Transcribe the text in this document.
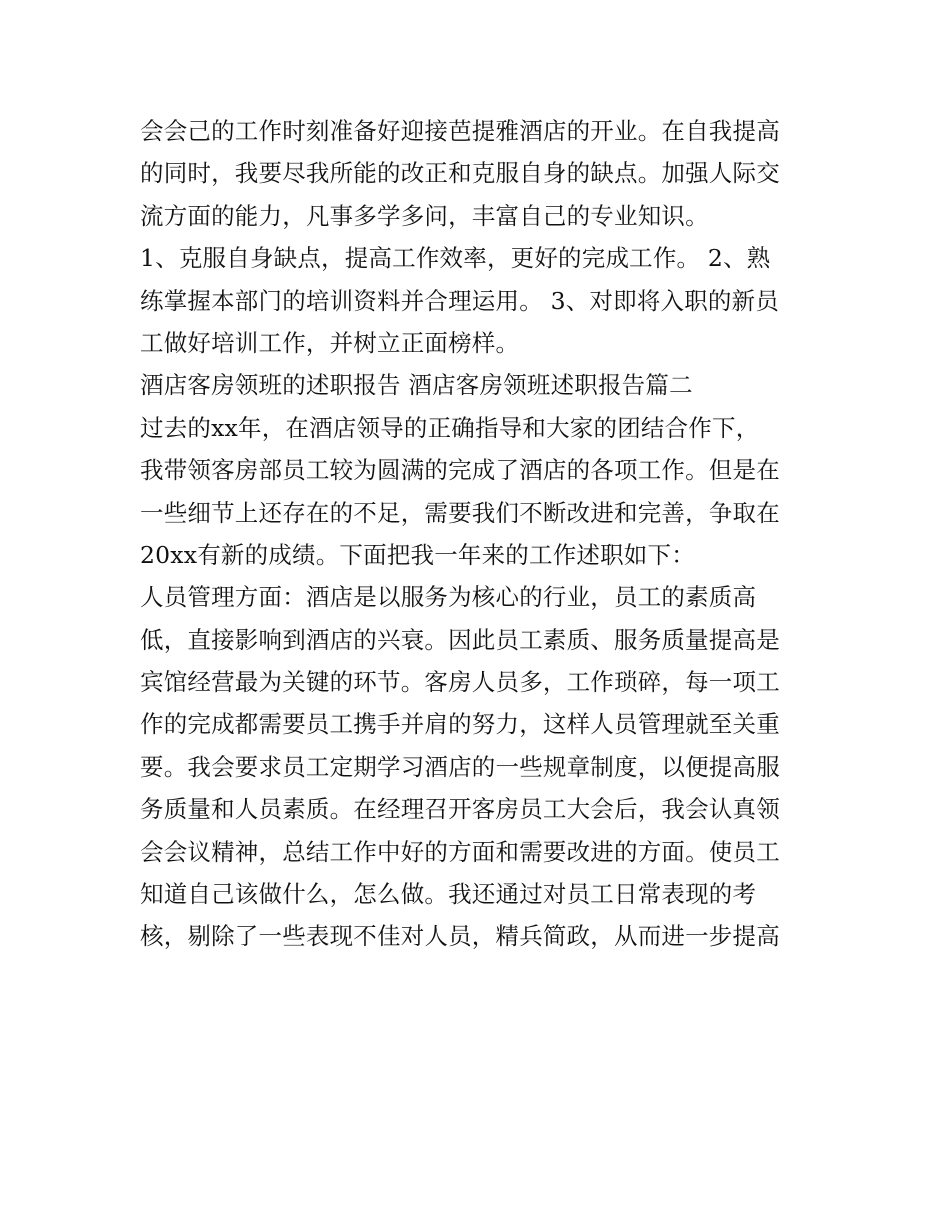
会会己的工作时刻准备好迎接芭提雅酒店的开业。在自我提高
的同时，我要尽我所能的改正和克服自身的缺点。加强人际交
流方面的能力，凡事多学多问，丰富自己的专业知识。
1、克服自身缺点，提高工作效率，更好的完成工作。 2、熟
练掌握本部门的培训资料并合理运用。 3、对即将入职的新员
工做好培训工作，并树立正面榜样。
酒店客房领班的述职报告 酒店客房领班述职报告篇二
过去的xx年，在酒店领导的正确指导和大家的团结合作下，
我带领客房部员工较为圆满的完成了酒店的各项工作。但是在
一些细节上还存在的不足，需要我们不断改进和完善，争取在
20xx有新的成绩。下面把我一年来的工作述职如下：
人员管理方面：酒店是以服务为核心的行业，员工的素质高
低，直接影响到酒店的兴衰。因此员工素质、服务质量提高是
宾馆经营最为关键的环节。客房人员多，工作琐碎，每一项工
作的完成都需要员工携手并肩的努力，这样人员管理就至关重
要。我会要求员工定期学习酒店的一些规章制度，以便提高服
务质量和人员素质。在经理召开客房员工大会后，我会认真领
会会议精神，总结工作中好的方面和需要改进的方面。使员工
知道自己该做什么，怎么做。我还通过对员工日常表现的考
核，剔除了一些表现不佳对人员，精兵简政，从而进一步提高
